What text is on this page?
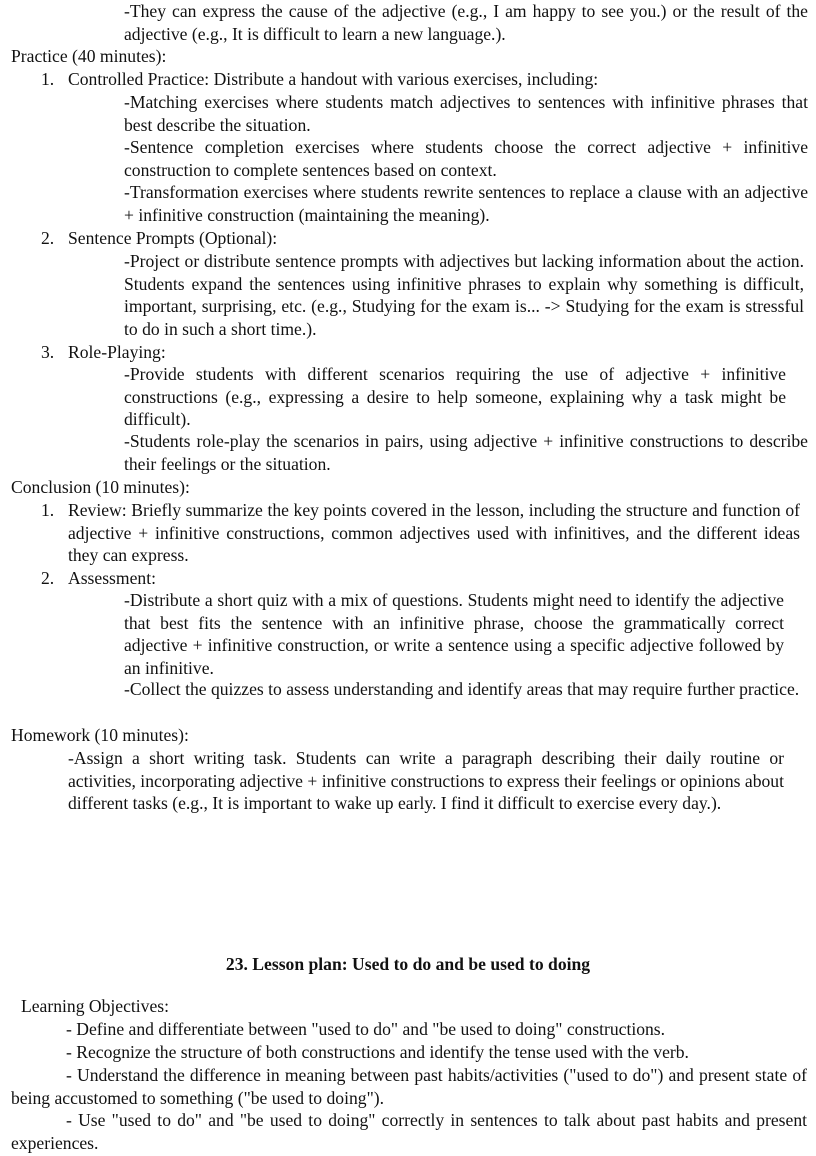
-They can express the cause of the adjective (e.g., I am happy to see you.) or the result of the adjective (e.g., It is difficult to learn a new language.).

Practice (40 minutes):

1. Controlled Practice: Distribute a handout with various exercises, including:

-Matching exercises where students match adjectives to sentences with infinitive phrases that best describe the situation.

-Sentence completion exercises where students choose the correct adjective + infinitive construction to complete sentences based on context.

-Transformation exercises where students rewrite sentences to replace a clause with an adjective + infinitive construction (maintaining the meaning).

2. Sentence Prompts (Optional):

-Project or distribute sentence prompts with adjectives but lacking information about the action. Students expand the sentences using infinitive phrases to explain why something is difficult, important, surprising, etc. (e.g., Studying for the exam is... -> Studying for the exam is stressful to do in such a short time.).

3. Role-Playing:

-Provide students with different scenarios requiring the use of adjective + infinitive constructions (e.g., expressing a desire to help someone, explaining why a task might be difficult).

-Students role-play the scenarios in pairs, using adjective + infinitive constructions to describe their feelings or the situation.

Conclusion (10 minutes):

1. Review: Briefly summarize the key points covered in the lesson, including the structure and function of adjective + infinitive constructions, common adjectives used with infinitives, and the different ideas they can express.

2. Assessment:

-Distribute a short quiz with a mix of questions. Students might need to identify the adjective that best fits the sentence with an infinitive phrase, choose the grammatically correct adjective + infinitive construction, or write a sentence using a specific adjective followed by an infinitive.

-Collect the quizzes to assess understanding and identify areas that may require further practice.

Homework (10 minutes):

-Assign a short writing task. Students can write a paragraph describing their daily routine or activities, incorporating adjective + infinitive constructions to express their feelings or opinions about different tasks (e.g., It is important to wake up early. I find it difficult to exercise every day.).

23. Lesson plan: Used to do and be used to doing

Learning Objectives:

- Define and differentiate between "used to do" and "be used to doing" constructions.

- Recognize the structure of both constructions and identify the tense used with the verb.

- Understand the difference in meaning between past habits/activities ("used to do") and present state of being accustomed to something ("be used to doing").

- Use "used to do" and "be used to doing" correctly in sentences to talk about past habits and present experiences.
